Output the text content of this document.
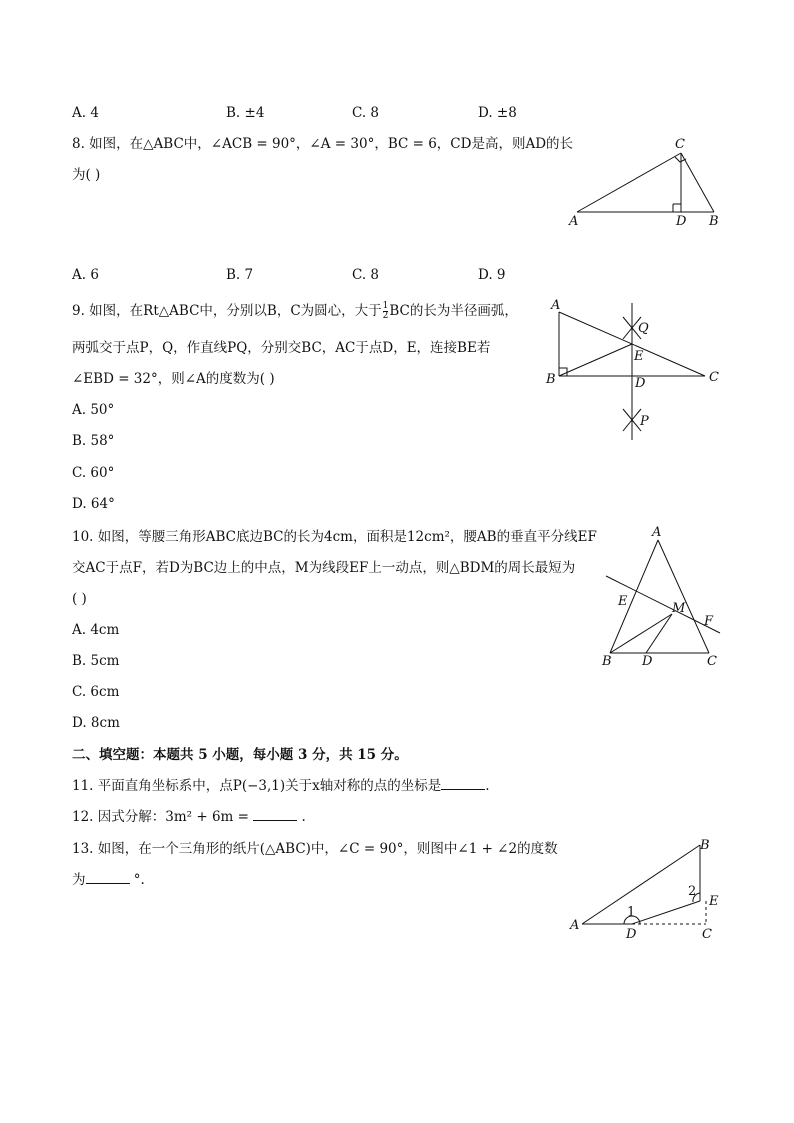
A. 4	B. ±4	C. 8	D. ±8
8. 如图，在△ABC中，∠ACB = 90°，∠A = 30°，BC = 6，CD是高，则AD的长
为( )
A	D B
C
A. 6	B. 7	C. 8	D. 9
9. 如图，在Rt△ABC中，分别以B，C为圆心，大于 $\frac{1}{2}$ BC的长为半径画弧，
两弧交于点P，Q，作直线PQ，分别交BC，AC于点D，E，连接BE若
∠EBD = 32°，则∠A的度数为( )
A. 50°
B. 58°
C. 60°
D. 64°
A
B	C
D
E
Q
P
10. 如图，等腰三角形ABC底边BC的长为4cm，面积是12cm²，腰AB的垂直平分线EF
交AC于点F，若D为BC边上的中点，M为线段EF上一动点，则△BDM的周长最短为
( )
A. 4cm
B. 5cm
C. 6cm
D. 8cm
A
B D	C
E	M
F
二、填空题：本题共 5 小题，每小题 3 分，共 15 分。
11. 平面直角坐标系中，点P(−3,1)关于x轴对称的点的坐标是	.
12. 因式分解：3m² + 6m =	.
13. 如图，在一个三角形的纸片(△ABC)中，∠C = 90°，则图中∠1 + ∠2的度数
为	°.
A
D	C
B
E
1
2
